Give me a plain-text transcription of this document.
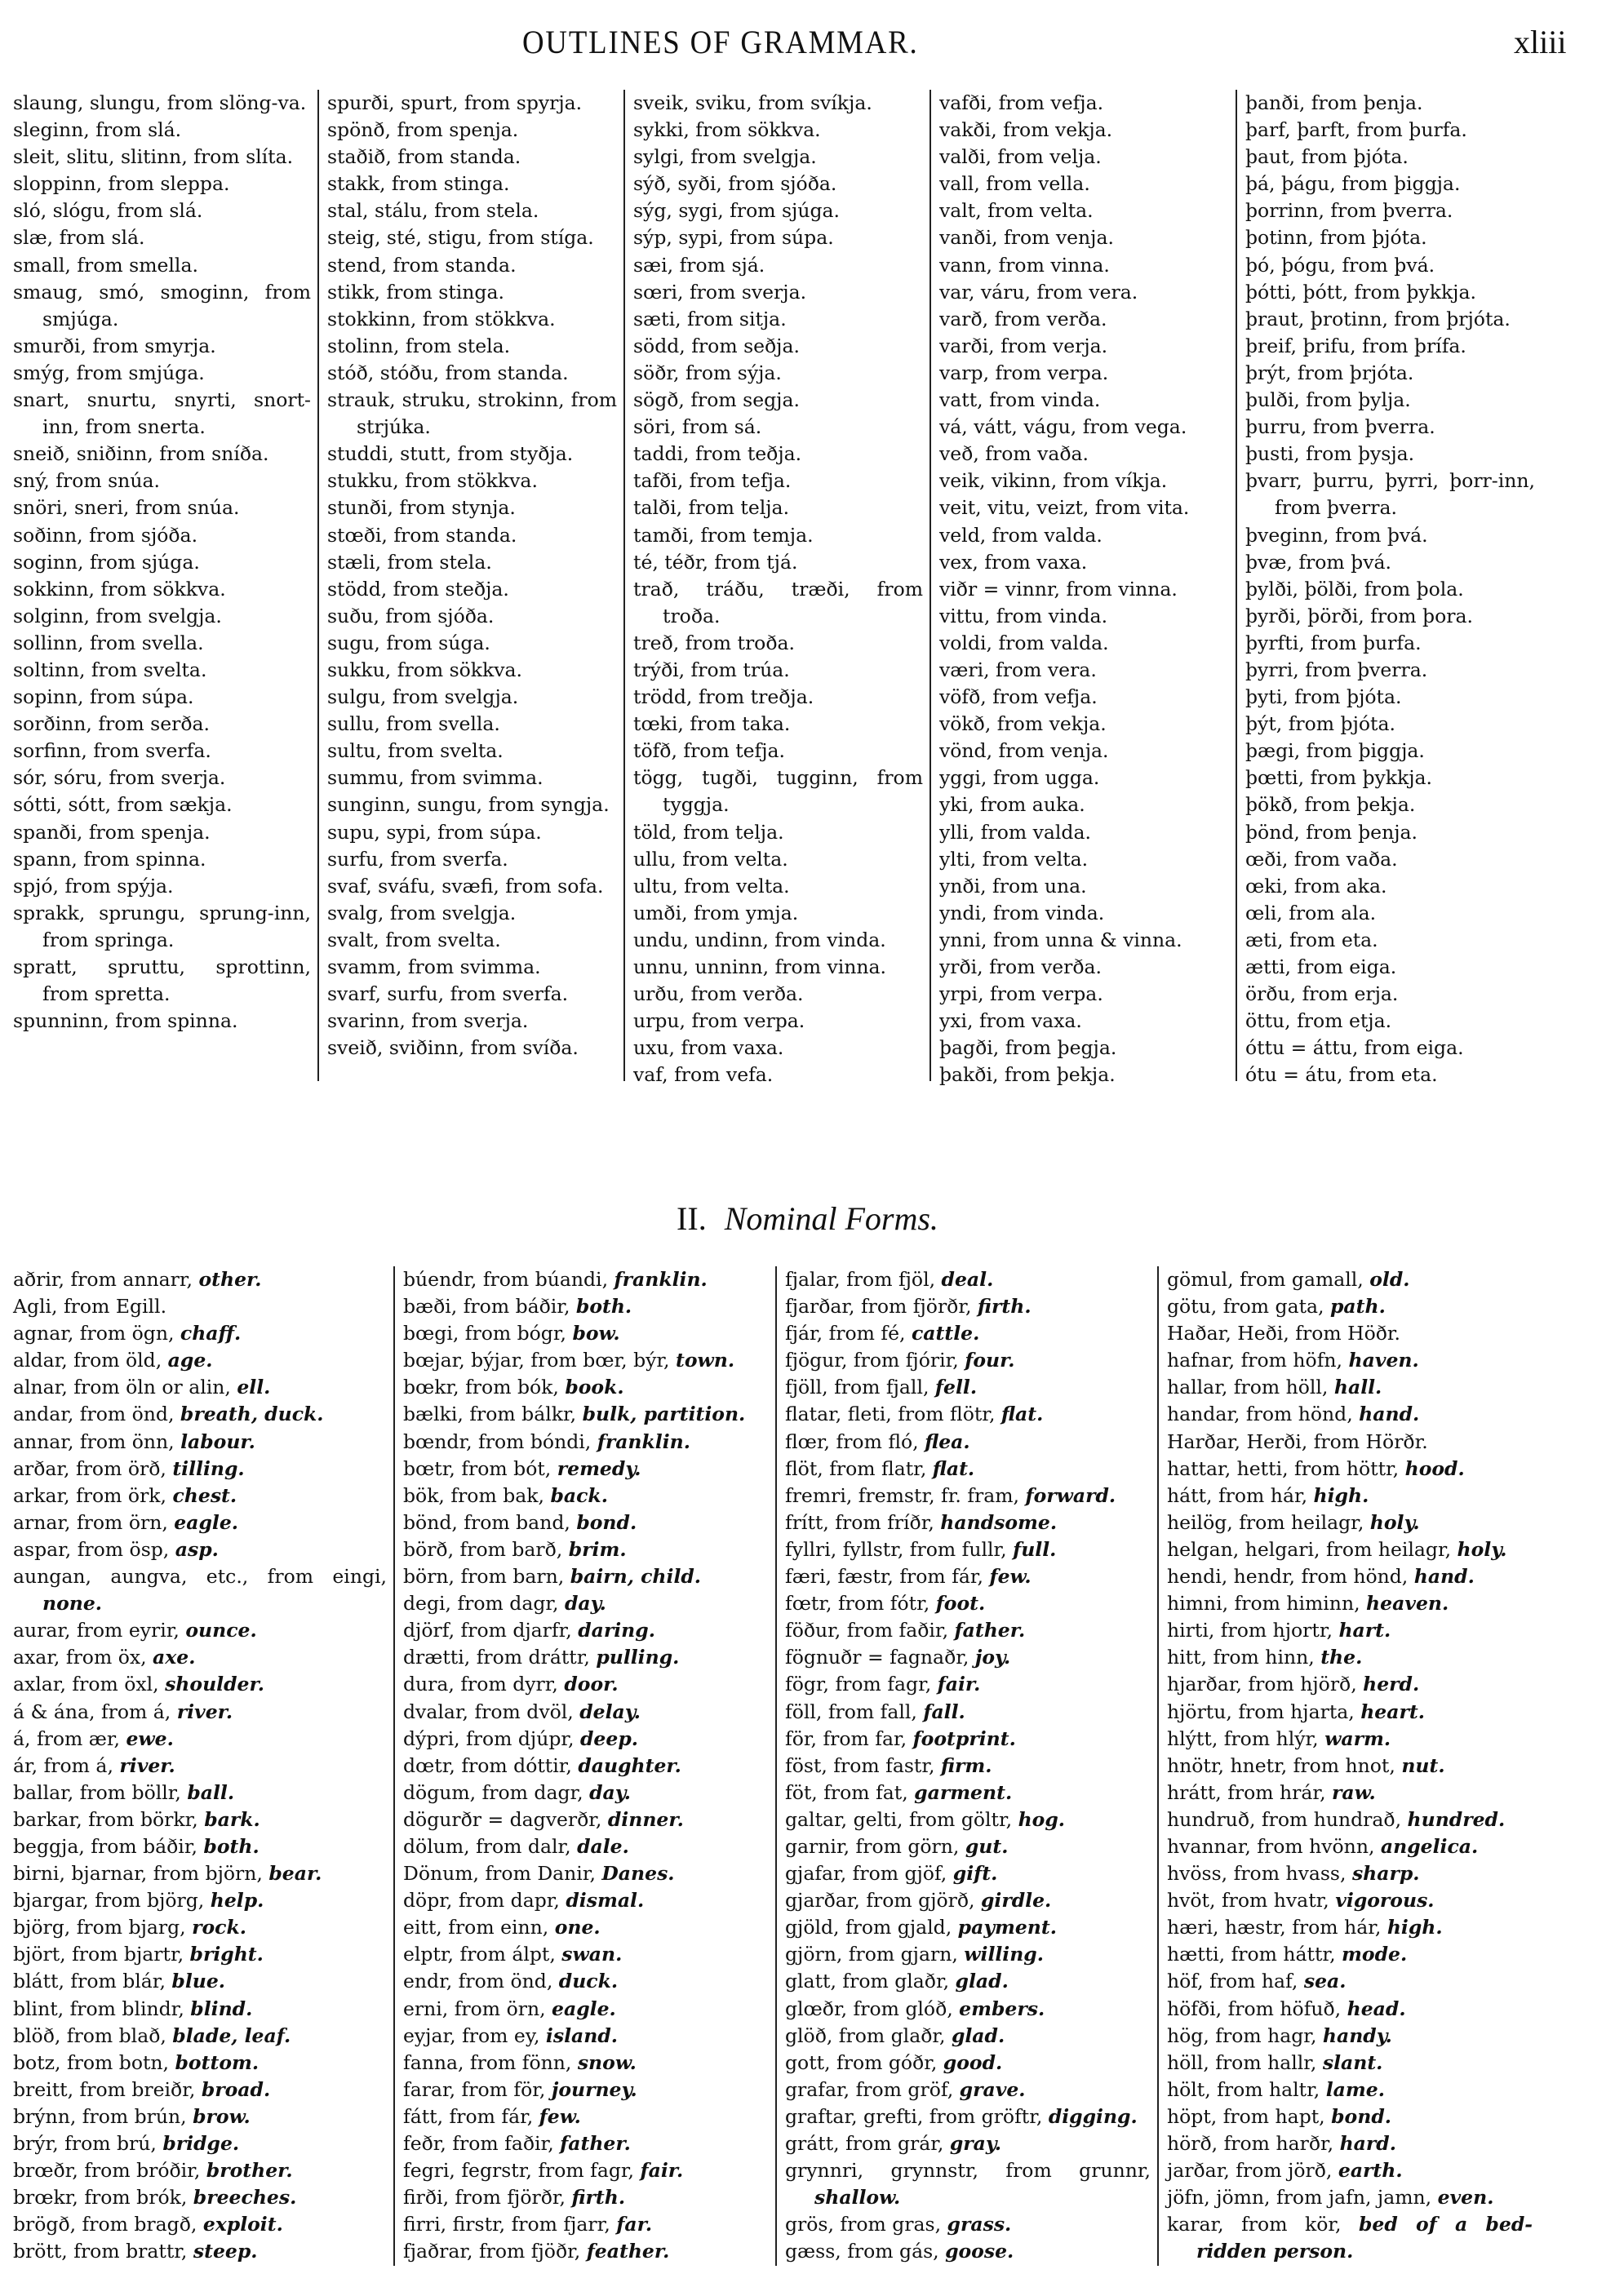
OUTLINES OF GRAMMAR.	xliii
slaung, slungu, from slöng-va.
sleginn, from slá.
sleit, slitu, slitinn, from slíta.
sloppinn, from sleppa.
sló, slógu, from slá.
slæ, from slá.
small, from smella.
smaug, smó, smoginn, from smjúga.
smurði, from smyrja.
smýg, from smjúga.
snart, snurtu, snyrti, snort-inn, from snerta.
sneið, sniðinn, from sníða.
sný, from snúa.
snöri, sneri, from snúa.
soðinn, from sjóða.
soginn, from sjúga.
sokkinn, from sökkva.
solginn, from svelgja.
sollinn, from svella.
soltinn, from svelta.
sopinn, from súpa.
sorðinn, from serða.
sorfinn, from sverfa.
sór, sóru, from sverja.
sótti, sótt, from sækja.
spanði, from spenja.
spann, from spinna.
spjó, from spýja.
sprakk, sprungu, sprung-inn, from springa.
spratt, spruttu, sprottinn, from spretta.
spunninn, from spinna.
spurði, spurt, from spyrja.
spönð, from spenja.
staðið, from standa.
stakk, from stinga.
stal, stálu, from stela.
steig, sté, stigu, from stíga.
stend, from standa.
stikk, from stinga.
stokkinn, from stökkva.
stolinn, from stela.
stóð, stóðu, from standa.
strauk, struku, strokinn, from strjúka.
studdi, stutt, from styðja.
stukku, from stökkva.
stunði, from stynja.
stœði, from standa.
stæli, from stela.
stödd, from steðja.
suðu, from sjóða.
sugu, from súga.
sukku, from sökkva.
sulgu, from svelgja.
sullu, from svella.
sultu, from svelta.
summu, from svimma.
sunginn, sungu, from syngja.
supu, sypi, from súpa.
surfu, from sverfa.
svaf, sváfu, svæfi, from sofa.
svalg, from svelgja.
svalt, from svelta.
svamm, from svimma.
svarf, surfu, from sverfa.
svarinn, from sverja.
sveið, sviðinn, from svíða.
sveik, sviku, from svíkja.
sykki, from sökkva.
sylgi, from svelgja.
sýð, syði, from sjóða.
sýg, sygi, from sjúga.
sýp, sypi, from súpa.
sæi, from sjá.
sœri, from sverja.
sæti, from sitja.
södd, from seðja.
söðr, from sýja.
sögð, from segja.
söri, from sá.
taddi, from teðja.
tafði, from tefja.
talði, from telja.
tamði, from temja.
té, téðr, from tjá.
trað, tráðu, træði, from troða.
treð, from troða.
trýði, from trúa.
trödd, from treðja.
tœki, from taka.
töfð, from tefja.
tögg, tugði, tugginn, from tyggja.
töld, from telja.
ullu, from velta.
ultu, from velta.
umði, from ymja.
undu, undinn, from vinda.
unnu, unninn, from vinna.
urðu, from verða.
urpu, from verpa.
uxu, from vaxa.
vaf, from vefa.
vafði, from vefja.
vakði, from vekja.
valði, from velja.
vall, from vella.
valt, from velta.
vanði, from venja.
vann, from vinna.
var, váru, from vera.
varð, from verða.
varði, from verja.
varp, from verpa.
vatt, from vinda.
vá, vátt, vágu, from vega.
veð, from vaða.
veik, vikinn, from víkja.
veit, vitu, veizt, from vita.
veld, from valda.
vex, from vaxa.
viðr = vinnr, from vinna.
vittu, from vinda.
voldi, from valda.
væri, from vera.
vöfð, from vefja.
vökð, from vekja.
vönd, from venja.
yggi, from ugga.
yki, from auka.
ylli, from valda.
ylti, from velta.
ynði, from una.
yndi, from vinda.
ynni, from unna & vinna.
yrði, from verða.
yrpi, from verpa.
yxi, from vaxa.
þagði, from þegja.
þakði, from þekja.
þanði, from þenja.
þarf, þarft, from þurfa.
þaut, from þjóta.
þá, þágu, from þiggja.
þorrinn, from þverra.
þotinn, from þjóta.
þó, þógu, from þvá.
þótti, þótt, from þykkja.
þraut, þrotinn, from þrjóta.
þreif, þrifu, from þrífa.
þrýt, from þrjóta.
þulði, from þylja.
þurru, from þverra.
þusti, from þysja.
þvarr, þurru, þyrri, þorr-inn, from þverra.
þveginn, from þvá.
þvæ, from þvá.
þylði, þölði, from þola.
þyrði, þörði, from þora.
þyrfti, from þurfa.
þyrri, from þverra.
þyti, from þjóta.
þýt, from þjóta.
þægi, from þiggja.
þœtti, from þykkja.
þökð, from þekja.
þönd, from þenja.
œði, from vaða.
œki, from aka.
œli, from ala.
æti, from eta.
ætti, from eiga.
örðu, from erja.
öttu, from etja.
óttu = áttu, from eiga.
ótu = átu, from eta.
II. Nominal Forms.
aðrir, from annarr, other.
Agli, from Egill.
agnar, from ögn, chaff.
aldar, from öld, age.
alnar, from öln or alin, ell.
andar, from önd, breath, duck.
annar, from önn, labour.
arðar, from örð, tilling.
arkar, from örk, chest.
arnar, from örn, eagle.
aspar, from ösp, asp.
aungan, aungva, etc., from eingi, none.
aurar, from eyrir, ounce.
axar, from öx, axe.
axlar, from öxl, shoulder.
á & ána, from á, river.
á, from ær, ewe.
ár, from á, river.
ballar, from böllr, ball.
barkar, from börkr, bark.
beggja, from báðir, both.
birni, bjarnar, from björn, bear.
bjargar, from björg, help.
björg, from bjarg, rock.
björt, from bjartr, bright.
blátt, from blár, blue.
blint, from blindr, blind.
blöð, from blað, blade, leaf.
botz, from botn, bottom.
breitt, from breiðr, broad.
brýnn, from brún, brow.
brýr, from brú, bridge.
brœðr, from bróðir, brother.
brœkr, from brók, breeches.
brögð, from bragð, exploit.
brött, from brattr, steep.
búendr, from búandi, franklin.
bæði, from báðir, both.
bœgi, from bógr, bow.
bœjar, býjar, from bœr, býr, town.
bœkr, from bók, book.
bælki, from bálkr, bulk, partition.
bœndr, from bóndi, franklin.
bœtr, from bót, remedy.
bök, from bak, back.
bönd, from band, bond.
börð, from barð, brim.
börn, from barn, bairn, child.
degi, from dagr, day.
djörf, from djarfr, daring.
drætti, from dráttr, pulling.
dura, from dyrr, door.
dvalar, from dvöl, delay.
dýpri, from djúpr, deep.
dœtr, from dóttir, daughter.
dögum, from dagr, day.
dögurðr = dagverðr, dinner.
dölum, from dalr, dale.
Dönum, from Danir, Danes.
döpr, from dapr, dismal.
eitt, from einn, one.
elptr, from álpt, swan.
endr, from önd, duck.
erni, from örn, eagle.
eyjar, from ey, island.
fanna, from fönn, snow.
farar, from för, journey.
fátt, from fár, few.
feðr, from faðir, father.
fegri, fegrstr, from fagr, fair.
firði, from fjörðr, firth.
firri, firstr, from fjarr, far.
fjaðrar, from fjöðr, feather.
fjalar, from fjöl, deal.
fjarðar, from fjörðr, firth.
fjár, from fé, cattle.
fjögur, from fjórir, four.
fjöll, from fjall, fell.
flatar, fleti, from flötr, flat.
flœr, from fló, flea.
flöt, from flatr, flat.
fremri, fremstr, fr. fram, forward.
frítt, from fríðr, handsome.
fyllri, fyllstr, from fullr, full.
færi, fæstr, from fár, few.
fœtr, from fótr, foot.
föður, from faðir, father.
fögnuðr = fagnaðr, joy.
fögr, from fagr, fair.
föll, from fall, fall.
för, from far, footprint.
föst, from fastr, firm.
föt, from fat, garment.
galtar, gelti, from göltr, hog.
garnir, from görn, gut.
gjafar, from gjöf, gift.
gjarðar, from gjörð, girdle.
gjöld, from gjald, payment.
gjörn, from gjarn, willing.
glatt, from glaðr, glad.
glœðr, from glóð, embers.
glöð, from glaðr, glad.
gott, from góðr, good.
grafar, from gröf, grave.
graftar, grefti, from gröftr, digging.
grátt, from grár, gray.
grynnri, grynnstr, from grunnr, shallow.
grös, from gras, grass.
gæss, from gás, goose.
gömul, from gamall, old.
götu, from gata, path.
Haðar, Heði, from Höðr.
hafnar, from höfn, haven.
hallar, from höll, hall.
handar, from hönd, hand.
Harðar, Herði, from Hörðr.
hattar, hetti, from höttr, hood.
hátt, from hár, high.
heilög, from heilagr, holy.
helgan, helgari, from heilagr, holy.
hendi, hendr, from hönd, hand.
himni, from himinn, heaven.
hirti, from hjortr, hart.
hitt, from hinn, the.
hjarðar, from hjörð, herd.
hjörtu, from hjarta, heart.
hlýtt, from hlýr, warm.
hnötr, hnetr, from hnot, nut.
hrátt, from hrár, raw.
hundruð, from hundrað, hundred.
hvannar, from hvönn, angelica.
hvöss, from hvass, sharp.
hvöt, from hvatr, vigorous.
hæri, hæstr, from hár, high.
hætti, from háttr, mode.
höf, from haf, sea.
höfði, from höfuð, head.
hög, from hagr, handy.
höll, from hallr, slant.
hölt, from haltr, lame.
höpt, from hapt, bond.
hörð, from harðr, hard.
jarðar, from jörð, earth.
jöfn, jömn, from jafn, jamn, even.
karar, from kör, bed of a bed-ridden person.
